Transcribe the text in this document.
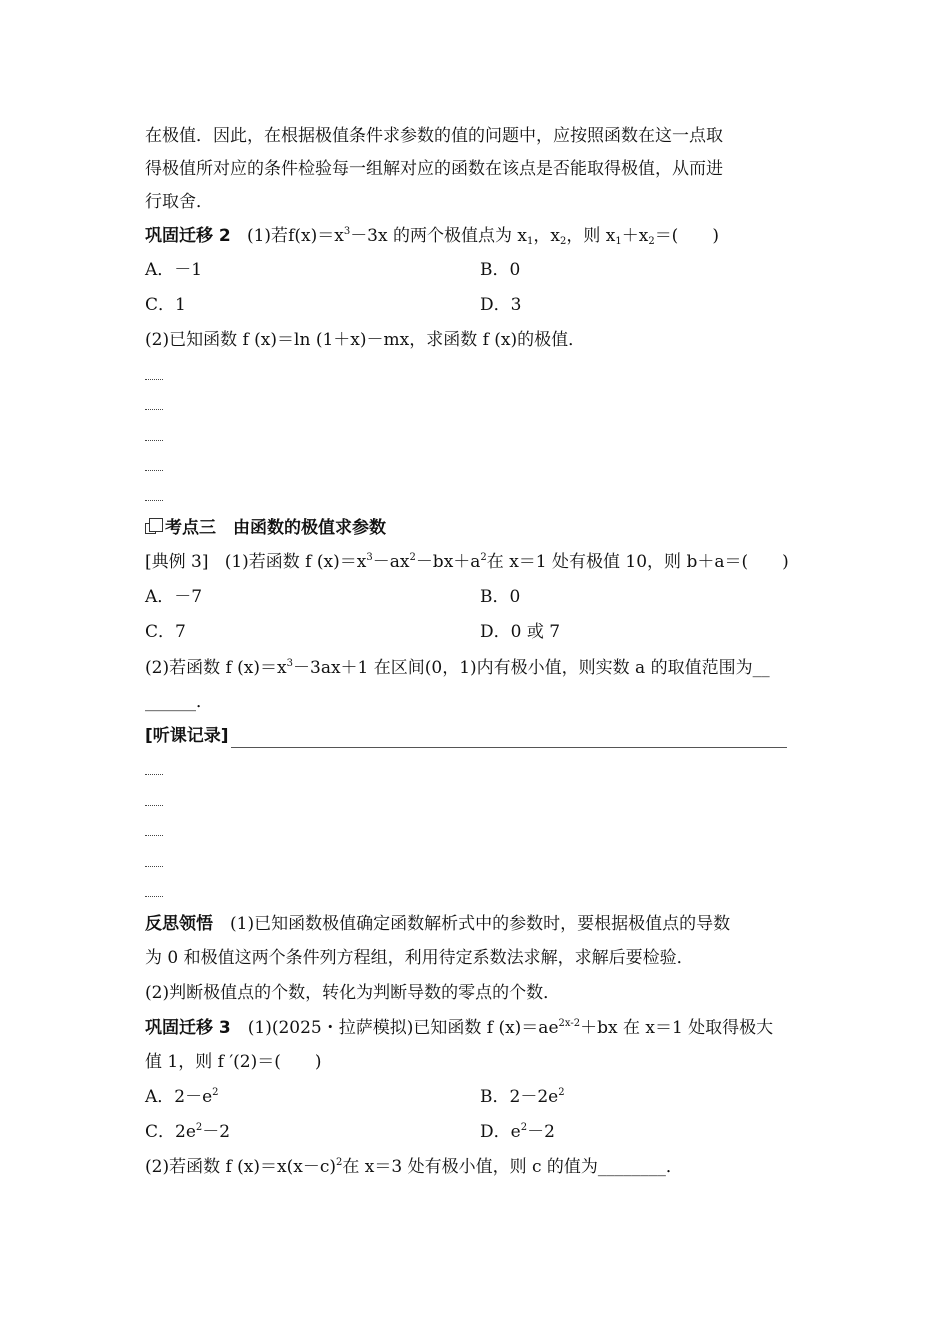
在极值．因此，在根据极值条件求参数的值的问题中，应按照函数在这一点取
得极值所对应的条件检验每一组解对应的函数在该点是否能取得极值，从而进
行取舍．
巩固迁移 2 (1)若$f(x)=x^3-3x$ 的两个极值点为 $x_1$，$x_2$，则 $x_1+x_2=$(　　)
A．－1	B．0
C．1	D．3
(2)已知函数 f (x)＝ln (1＋x)－mx，求函数 f (x)的极值．
考点三　由函数的极值求参数
[典例 3] (1)若函数 f $(x)=x^3-ax^2-bx+a^2$在 x＝1 处有极值 10，则 b＋a＝(　　)
A．－7	B．0
C．7	D．0 或 7
(2)若函数 f $(x)=x^3-3ax+1$ 在区间(0，1)内有极小值，则实数 a 的取值范围为__
______．
[听课记录]
反思领悟　(1)已知函数极值确定函数解析式中的参数时，要根据极值点的导数
为 0 和极值这两个条件列方程组，利用待定系数法求解，求解后要检验．
(2)判断极值点的个数，转化为判断导数的零点的个数．
巩固迁移 3　(1)(2025・拉萨模拟)已知函数 f $(x)=ae^{2x-2}+bx$ 在 x＝1 处取得极大
值 1，则 f ′(2)＝(　　)
A．$2-e^2$	B．$2-2e^2$
C．$2e^2-2$	D．$e^2-2$
(2)若函数 f $(x)=x(x-c)^2$在 x＝3 处有极小值，则 c 的值为________．
